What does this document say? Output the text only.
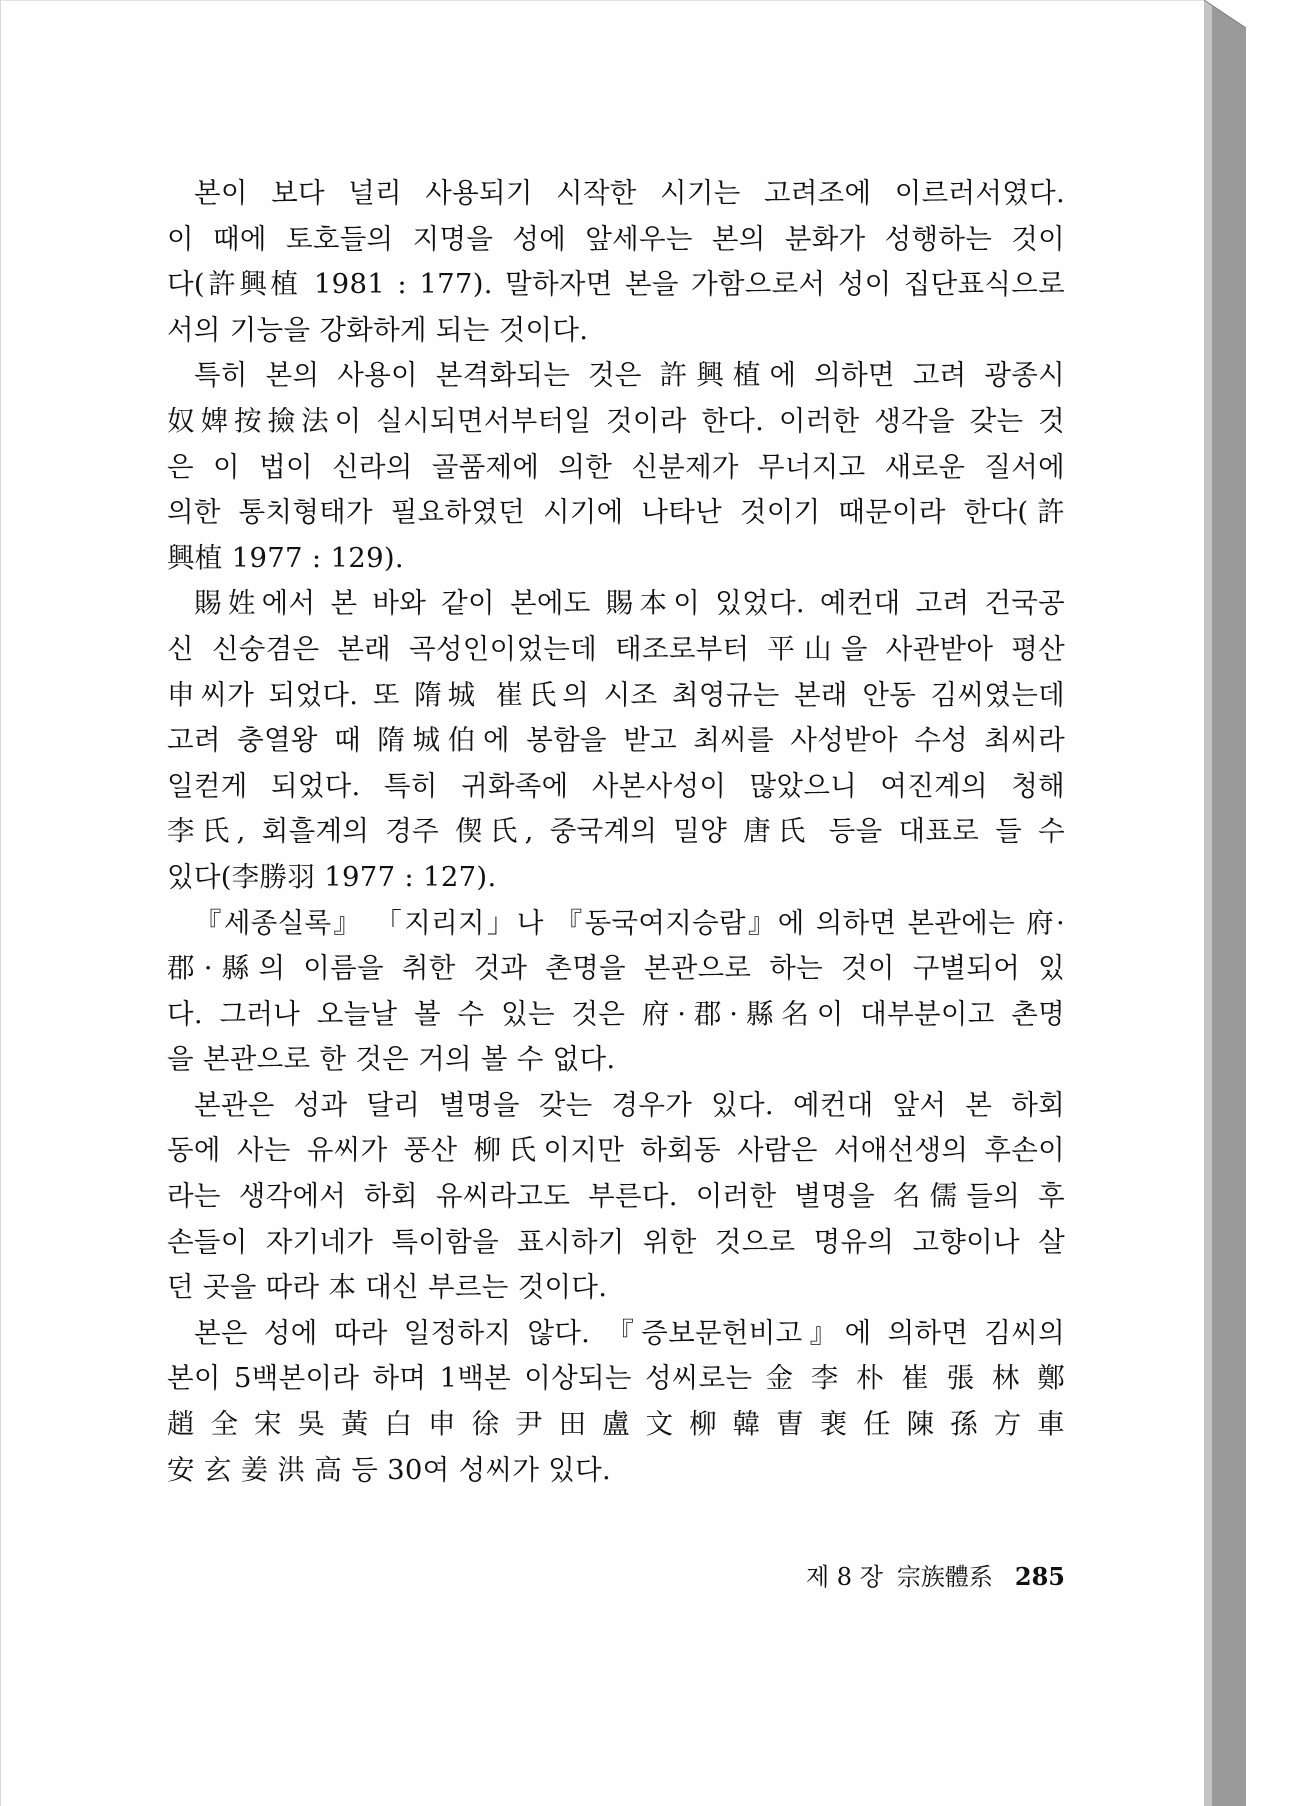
본이 보다 널리 사용되기 시작한 시기는 고려조에 이르러서였다.
이 때에 토호들의 지명을 성에 앞세우는 본의 분화가 성행하는 것이
다(許興植 1981 : 177). 말하자면 본을 가함으로서 성이 집단표식으로
서의 기능을 강화하게 되는 것이다.

특히 본의 사용이 본격화되는 것은 許興植에 의하면 고려 광종시
奴婢按撿法이 실시되면서부터일 것이라 한다. 이러한 생각을 갖는 것
은 이 법이 신라의 골품제에 의한 신분제가 무너지고 새로운 질서에
의한 통치형태가 필요하였던 시기에 나타난 것이기 때문이라 한다(許
興植 1977 : 129).

賜姓에서 본 바와 같이 본에도 賜本이 있었다. 예컨대 고려 건국공
신 신숭겸은 본래 곡성인이었는데 태조로부터 平山을 사관받아 평산
申씨가 되었다. 또 隋城 崔氏의 시조 최영규는 본래 안동 김씨였는데
고려 충열왕 때 隋城伯에 봉함을 받고 최씨를 사성받아 수성 최씨라
일컫게 되었다. 특히 귀화족에 사본사성이 많았으니 여진계의 청해
李氏, 회흘계의 경주 偰氏, 중국계의 밀양 唐氏 등을 대표로 들 수
있다(李勝羽 1977 : 127).

『세종실록』 「지리지」나 『동국여지승람』에 의하면 본관에는 府·
郡·縣의 이름을 취한 것과 촌명을 본관으로 하는 것이 구별되어 있
다. 그러나 오늘날 볼 수 있는 것은 府·郡·縣名이 대부분이고 촌명
을 본관으로 한 것은 거의 볼 수 없다.

본관은 성과 달리 별명을 갖는 경우가 있다. 예컨대 앞서 본 하회
동에 사는 유씨가 풍산 柳氏이지만 하회동 사람은 서애선생의 후손이
라는 생각에서 하회 유씨라고도 부른다. 이러한 별명을 名儒들의 후
손들이 자기네가 특이함을 표시하기 위한 것으로 명유의 고향이나 살
던 곳을 따라 本 대신 부르는 것이다.

본은 성에 따라 일정하지 않다. 『증보문헌비고』에 의하면 김씨의
본이 5백본이라 하며 1백본 이상되는 성씨로는 金 李 朴 崔 張 林 鄭
趙 全 宋 吳 黃 白 申 徐 尹 田 盧 文 柳 韓 曺 裵 任 陳 孫 方 車
安 玄 姜 洪 高 등 30여 성씨가 있다.

제 8 장 宗族體系 285
